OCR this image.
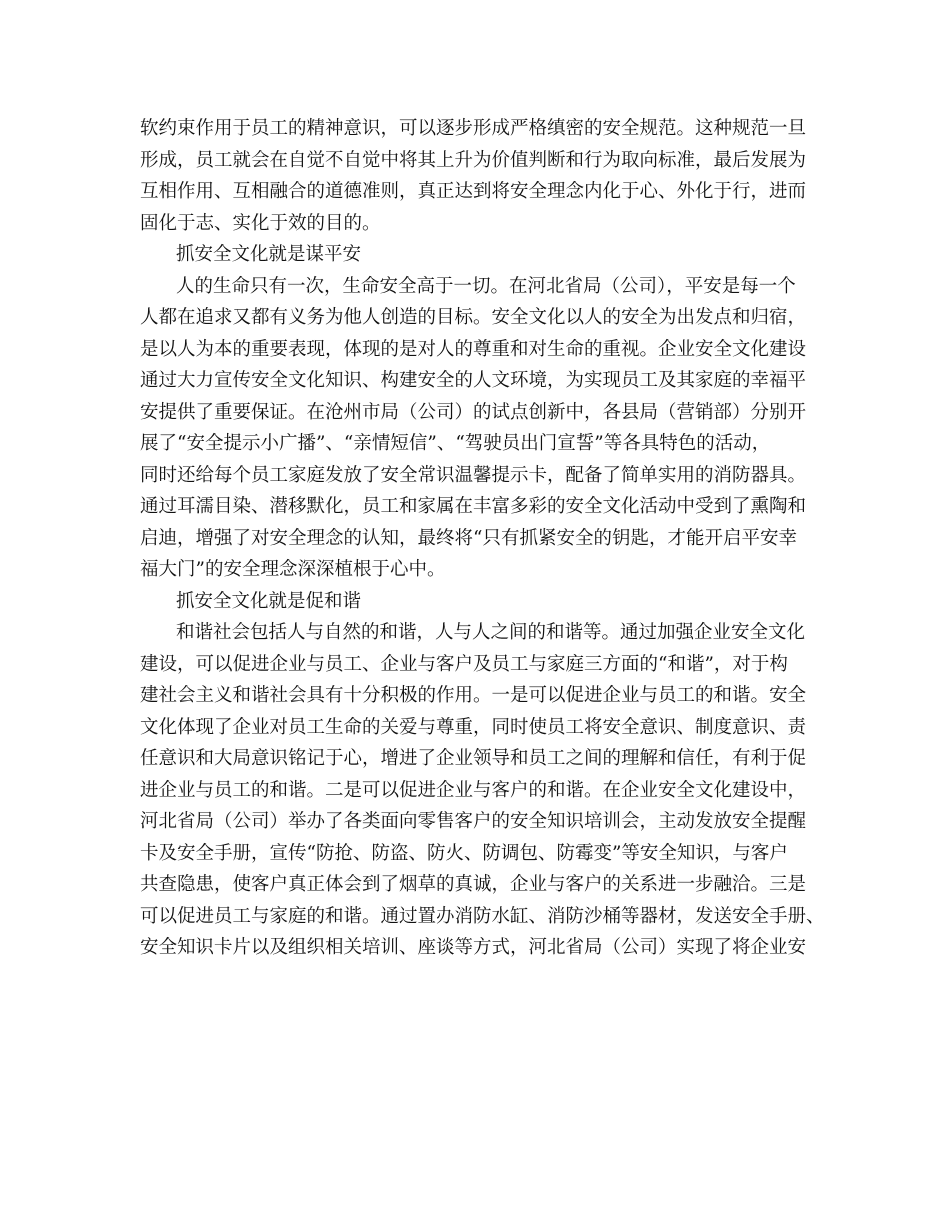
软约束作用于员工的精神意识，可以逐步形成严格缜密的安全规范。这种规范一旦
形成，员工就会在自觉不自觉中将其上升为价值判断和行为取向标准，最后发展为
互相作用、互相融合的道德准则，真正达到将安全理念内化于心、外化于行，进而
固化于志、实化于效的目的。
抓安全文化就是谋平安
人的生命只有一次，生命安全高于一切。在河北省局（公司），平安是每一个
人都在追求又都有义务为他人创造的目标。安全文化以人的安全为出发点和归宿，
是以人为本的重要表现，体现的是对人的尊重和对生命的重视。企业安全文化建设
通过大力宣传安全文化知识、构建安全的人文环境，为实现员工及其家庭的幸福平
安提供了重要保证。在沧州市局（公司）的试点创新中，各县局（营销部）分别开
展了“安全提示小广播”、“亲情短信”、“驾驶员出门宣誓”等各具特色的活动，
同时还给每个员工家庭发放了安全常识温馨提示卡，配备了简单实用的消防器具。
通过耳濡目染、潜移默化，员工和家属在丰富多彩的安全文化活动中受到了熏陶和
启迪，增强了对安全理念的认知，最终将“只有抓紧安全的钥匙，才能开启平安幸
福大门”的安全理念深深植根于心中。
抓安全文化就是促和谐
和谐社会包括人与自然的和谐，人与人之间的和谐等。通过加强企业安全文化
建设，可以促进企业与员工、企业与客户及员工与家庭三方面的“和谐”，对于构
建社会主义和谐社会具有十分积极的作用。一是可以促进企业与员工的和谐。安全
文化体现了企业对员工生命的关爱与尊重，同时使员工将安全意识、制度意识、责
任意识和大局意识铭记于心，增进了企业领导和员工之间的理解和信任，有利于促
进企业与员工的和谐。二是可以促进企业与客户的和谐。在企业安全文化建设中，
河北省局（公司）举办了各类面向零售客户的安全知识培训会，主动发放安全提醒
卡及安全手册，宣传“防抢、防盗、防火、防调包、防霉变”等安全知识，与客户
共查隐患，使客户真正体会到了烟草的真诚，企业与客户的关系进一步融洽。三是
可以促进员工与家庭的和谐。通过置办消防水缸、消防沙桶等器材，发送安全手册、
安全知识卡片以及组织相关培训、座谈等方式，河北省局（公司）实现了将企业安
